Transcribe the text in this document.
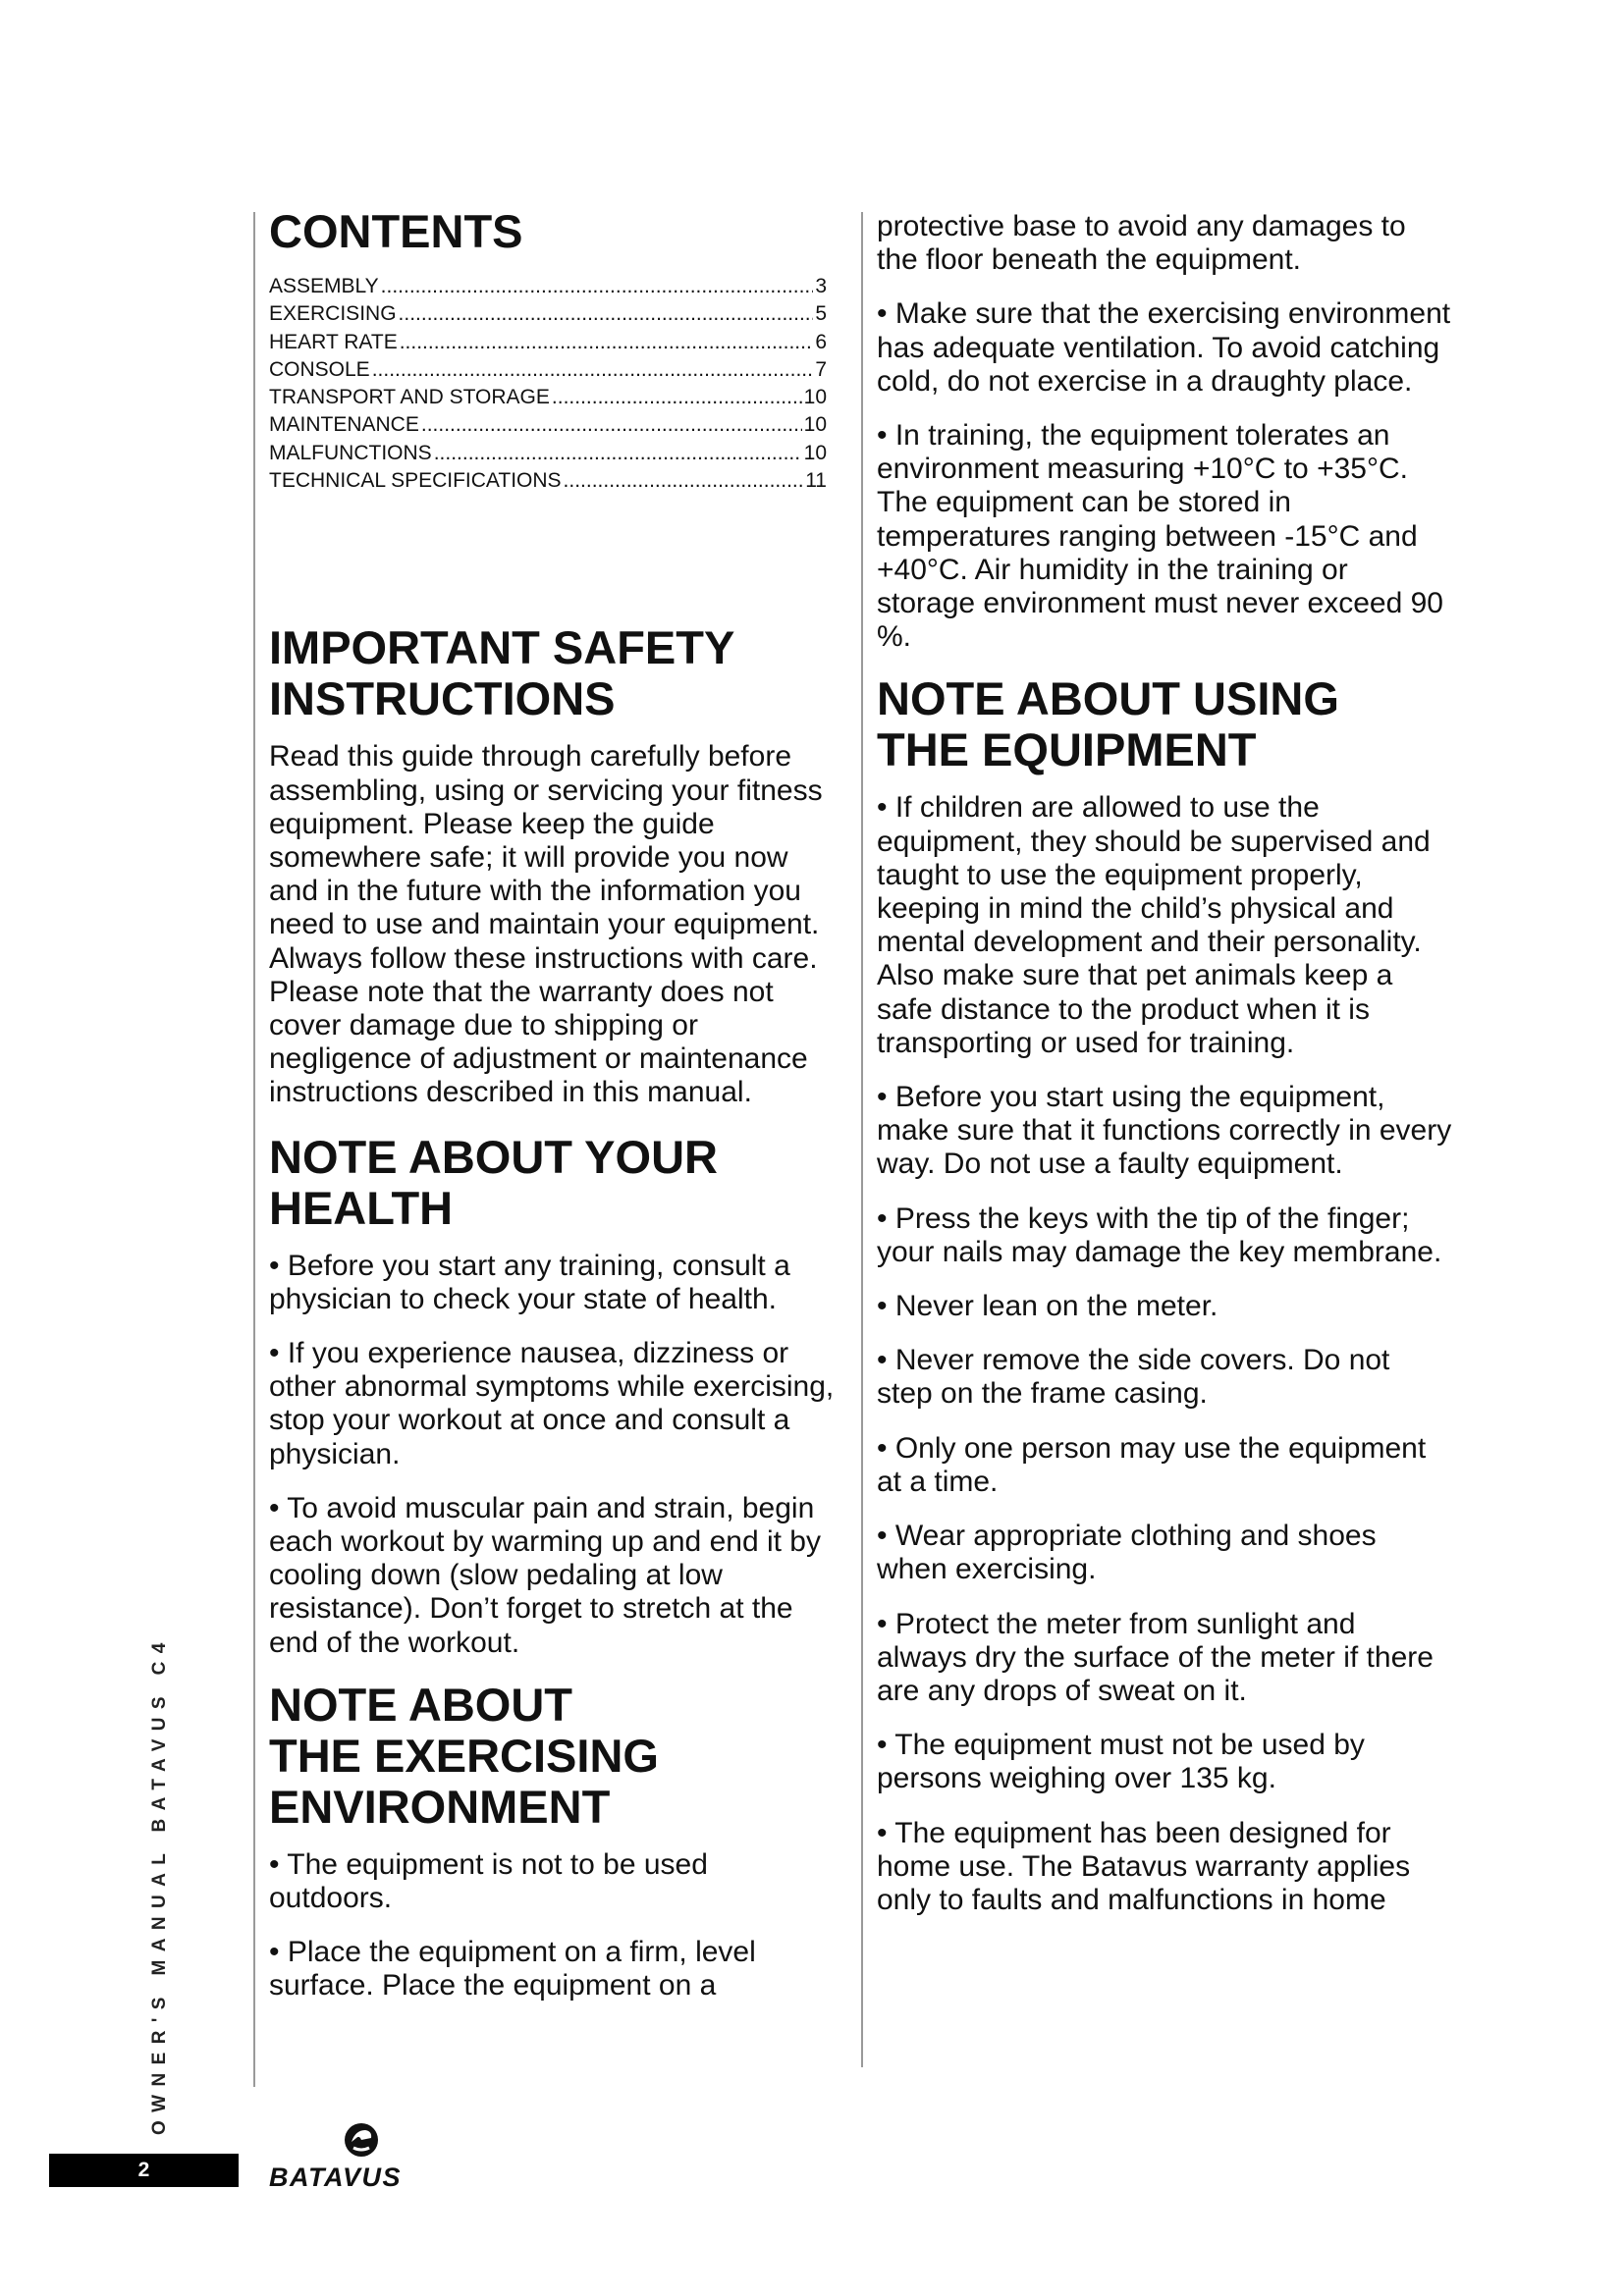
CONTENTS
ASSEMBLY .....	3
EXERCISING .....	5
HEART RATE .....	6
CONSOLE .....	7
TRANSPORT AND STORAGE .....	10
MAINTENANCE .....	10
MALFUNCTIONS .....	10
TECHNICAL SPECIFICATIONS .....	11
IMPORTANT SAFETY
INSTRUCTIONS

Read this guide through carefully before assembling, using or servicing your fitness equipment. Please keep the guide somewhere safe; it will provide you now and in the future with the information you need to use and maintain your equipment. Always follow these instructions with care. Please note that the warranty does not cover damage due to shipping or negligence of adjustment or maintenance instructions described in this manual.

NOTE ABOUT YOUR
HEALTH

• Before you start any training, consult a physician to check your state of health.

• If you experience nausea, dizziness or other abnormal symptoms while exercising, stop your workout at once and consult a physician.

• To avoid muscular pain and strain, begin each workout by warming up and end it by cooling down (slow pedaling at low resistance). Don’t forget to stretch at the end of the workout.

NOTE ABOUT
THE EXERCISING
ENVIRONMENT

• The equipment is not to be used outdoors.

• Place the equipment on a firm, level surface. Place the equipment on a

protective base to avoid any damages to the floor beneath the equipment.

• Make sure that the exercising environment has adequate ventilation. To avoid catching cold, do not exercise in a draughty place.

• In training, the equipment tolerates an environment measuring +10°C to +35°C. The equipment can be stored in temperatures ranging between -15°C and +40°C. Air humidity in the training or storage environment must never exceed 90 %.

NOTE ABOUT USING
THE EQUIPMENT

• If children are allowed to use the equipment, they should be supervised and taught to use the equipment properly, keeping in mind the child’s physical and mental development and their personality. Also make sure that pet animals keep a safe distance to the product when it is transporting or used for training.

• Before you start using the equipment, make sure that it functions correctly in every way. Do not use a faulty equipment.

• Press the keys with the tip of the finger; your nails may damage the key membrane.

• Never lean on the meter.

• Never remove the side covers. Do not step on the frame casing.

• Only one person may use the equipment at a time.

• Wear appropriate clothing and shoes when exercising.

• Protect the meter from sunlight and always dry the surface of the meter if there are any drops of sweat on it.

• The equipment must not be used by persons weighing over 135 kg.

• The equipment has been designed for home use. The Batavus warranty applies only to faults and malfunctions in home

OWNER'S MANUAL BATAVUS C4
2	BATAVUS
